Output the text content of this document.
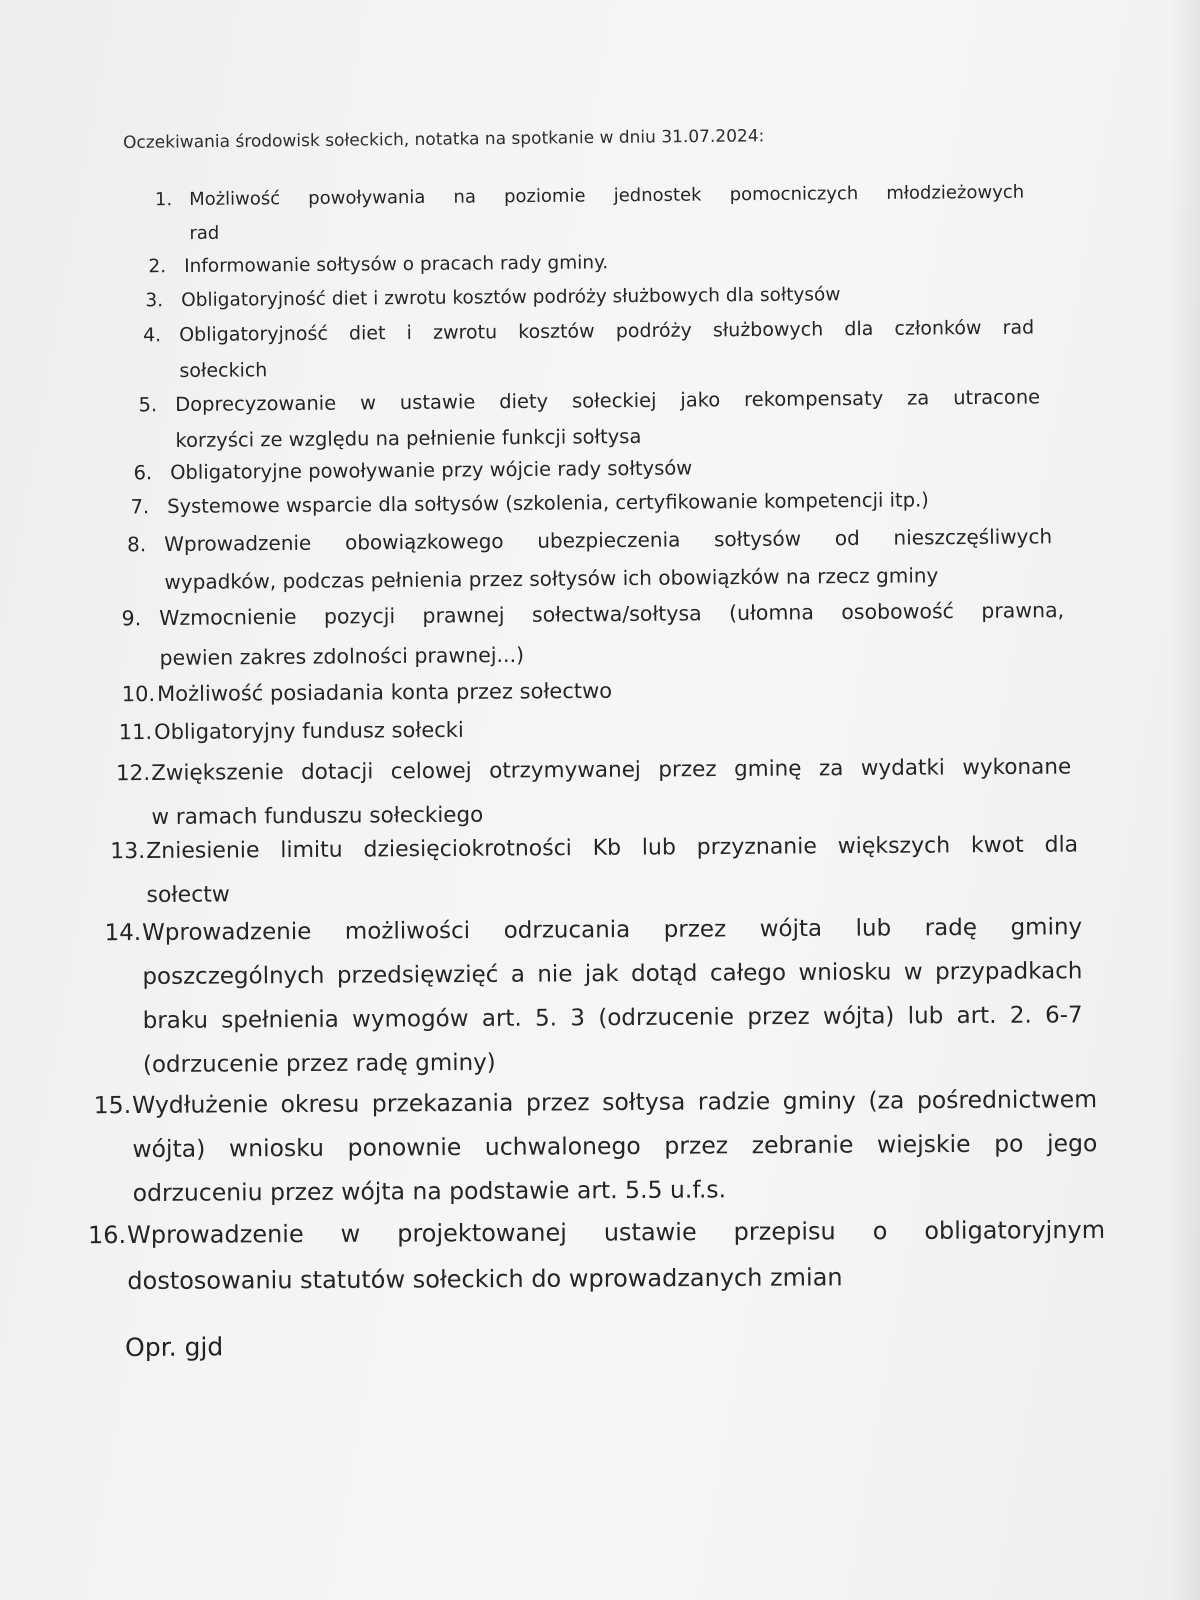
Oczekiwania środowisk sołeckich, notatka na spotkanie w dniu 31.07.2024:
1. Możliwość powoływania na poziomie jednostek pomocniczych młodzieżowych
rad
2. Informowanie sołtysów o pracach rady gminy.
3. Obligatoryjność diet i zwrotu kosztów podróży służbowych dla sołtysów
4. Obligatoryjność diet i zwrotu kosztów podróży służbowych dla członków rad
sołeckich
5. Doprecyzowanie w ustawie diety sołeckiej jako rekompensaty za utracone
korzyści ze względu na pełnienie funkcji sołtysa
6. Obligatoryjne powoływanie przy wójcie rady sołtysów
7. Systemowe wsparcie dla sołtysów (szkolenia, certyfikowanie kompetencji itp.)
8. Wprowadzenie obowiązkowego ubezpieczenia sołtysów od nieszczęśliwych
wypadków, podczas pełnienia przez sołtysów ich obowiązków na rzecz gminy
9. Wzmocnienie pozycji prawnej sołectwa/sołtysa (ułomna osobowość prawna,
pewien zakres zdolności prawnej...)
10. Możliwość posiadania konta przez sołectwo
11. Obligatoryjny fundusz sołecki
12. Zwiększenie dotacji celowej otrzymywanej przez gminę za wydatki wykonane
w ramach funduszu sołeckiego
13. Zniesienie limitu dziesięciokrotności Kb lub przyznanie większych kwot dla
sołectw
14. Wprowadzenie możliwości odrzucania przez wójta lub radę gminy
poszczególnych przedsięwzięć a nie jak dotąd całego wniosku w przypadkach
braku spełnienia wymogów art. 5. 3 (odrzucenie przez wójta) lub art. 2. 6-7
(odrzucenie przez radę gminy)
15. Wydłużenie okresu przekazania przez sołtysa radzie gminy (za pośrednictwem
wójta) wniosku ponownie uchwalonego przez zebranie wiejskie po jego
odrzuceniu przez wójta na podstawie art. 5.5 u.f.s.
16. Wprowadzenie w projektowanej ustawie przepisu o obligatoryjnym
dostosowaniu statutów sołeckich do wprowadzanych zmian
Opr. gjd
